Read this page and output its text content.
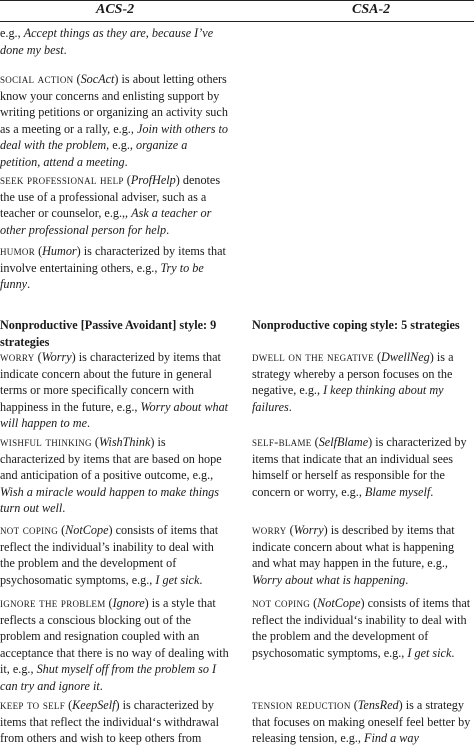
ACS-2	CSA-2

e.g., Accept things as they are, because I’ve done my best.

social action (SocAct) is about letting others know your concerns and enlisting support by writing petitions or organizing an activity such as a meeting or a rally, e.g., Join with others to deal with the problem, e.g., organize a petition, attend a meeting.

seek professional help (ProfHelp) denotes the use of a professional adviser, such as a teacher or counselor, e.g.,, Ask a teacher or other professional person for help.

humor (Humor) is characterized by items that involve entertaining others, e.g., Try to be funny.

Nonproductive [Passive Avoidant] style: 9 strategies

worry (Worry) is characterized by items that indicate concern about the future in general terms or more specifically concern with happiness in the future, e.g., Worry about what will happen to me.

wishful thinking (WishThink) is characterized by items that are based on hope and anticipation of a positive outcome, e.g., Wish a miracle would happen to make things turn out well.

not coping (NotCope) consists of items that reflect the individual’s inability to deal with the problem and the development of psychosomatic symptoms, e.g., I get sick.

ignore the problem (Ignore) is a style that reflects a conscious blocking out of the problem and resignation coupled with an acceptance that there is no way of dealing with it, e.g., Shut myself off from the problem so I can try and ignore it.

keep to self (KeepSelf) is characterized by items that reflect the individual‘s withdrawal from others and wish to keep others from

Nonproductive coping style: 5 strategies

dwell on the negative (DwellNeg) is a strategy whereby a person focuses on the negative, e.g., I keep thinking about my failures.

self-blame (SelfBlame) is characterized by items that indicate that an individual sees himself or herself as responsible for the concern or worry, e.g., Blame myself.

worry (Worry) is described by items that indicate concern about what is happening and what may happen in the future, e.g., Worry about what is happening.

not coping (NotCope) consists of items that reflect the individual‘s inability to deal with the problem and the development of psychosomatic symptoms, e.g., I get sick.

tension reduction (TensRed) is a strategy that focuses on making oneself feel better by releasing tension, e.g., Find a way
